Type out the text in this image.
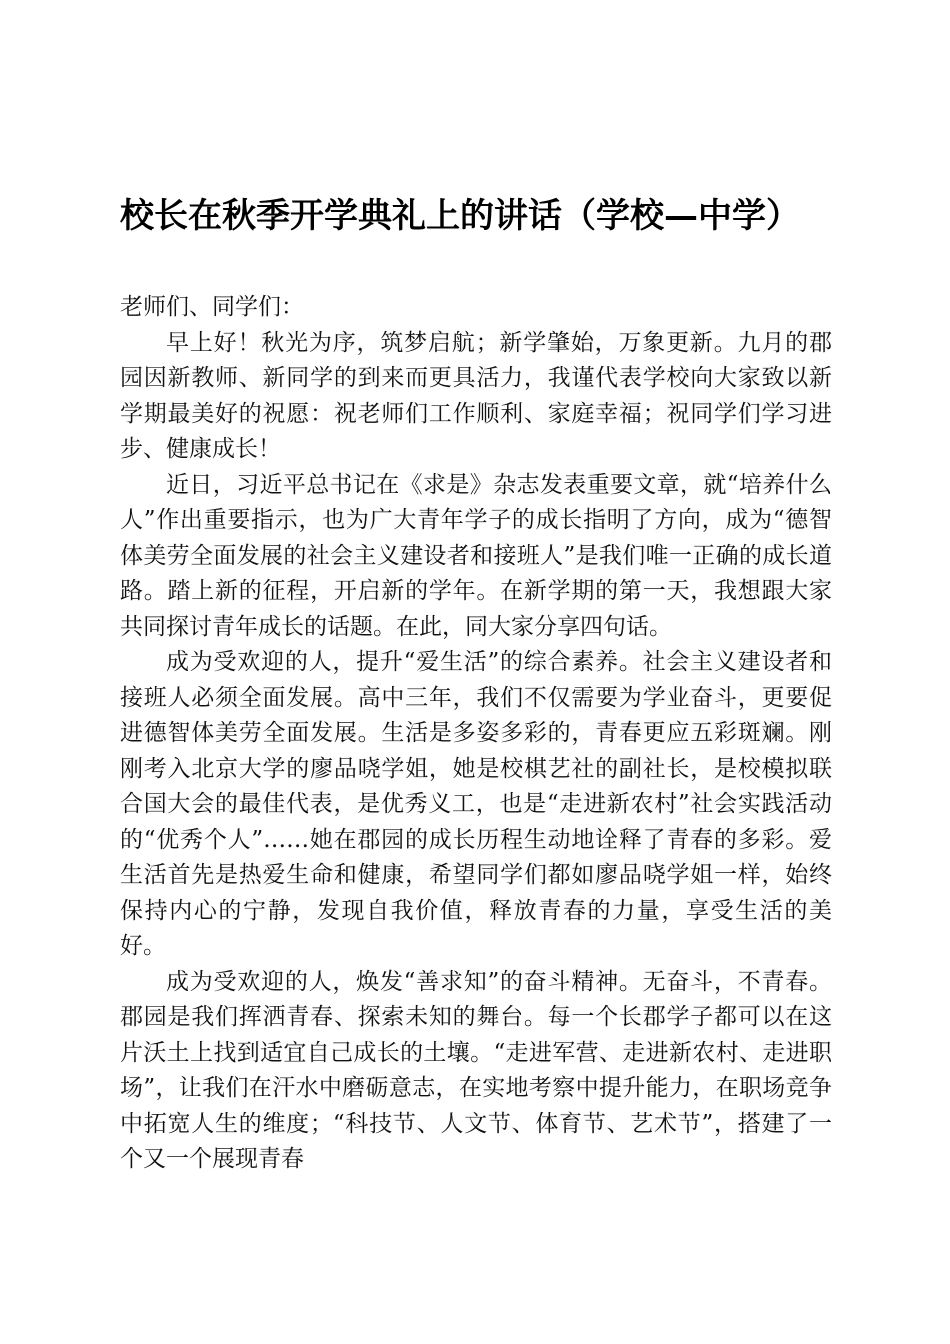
校长在秋季开学典礼上的讲话（学校—中学）

老师们、同学们：

早上好！秋光为序，筑梦启航；新学肇始，万象更新。九月的郡园因新教师、新同学的到来而更具活力，我谨代表学校向大家致以新学期最美好的祝愿：祝老师们工作顺利、家庭幸福；祝同学们学习进步、健康成长！

近日，习近平总书记在《求是》杂志发表重要文章，就“培养什么人”作出重要指示，也为广大青年学子的成长指明了方向，成为“德智体美劳全面发展的社会主义建设者和接班人”是我们唯一正确的成长道路。踏上新的征程，开启新的学年。在新学期的第一天，我想跟大家共同探讨青年成长的话题。在此，同大家分享四句话。

成为受欢迎的人，提升“爱生活”的综合素养。社会主义建设者和接班人必须全面发展。高中三年，我们不仅需要为学业奋斗，更要促进德智体美劳全面发展。生活是多姿多彩的，青春更应五彩斑斓。刚刚考入北京大学的廖品哓学姐，她是校棋艺社的副社长，是校模拟联合国大会的最佳代表，是优秀义工，也是“走进新农村”社会实践活动的“优秀个人”……她在郡园的成长历程生动地诠释了青春的多彩。爱生活首先是热爱生命和健康，希望同学们都如廖品哓学姐一样，始终保持内心的宁静，发现自我价值，释放青春的力量，享受生活的美好。

成为受欢迎的人，焕发“善求知”的奋斗精神。无奋斗，不青春。郡园是我们挥洒青春、探索未知的舞台。每一个长郡学子都可以在这片沃土上找到适宜自己成长的土壤。“走进军营、走进新农村、走进职场”，让我们在汗水中磨砺意志，在实地考察中提升能力，在职场竞争中拓宽人生的维度；“科技节、人文节、体育节、艺术节”，搭建了一个又一个展现青春
